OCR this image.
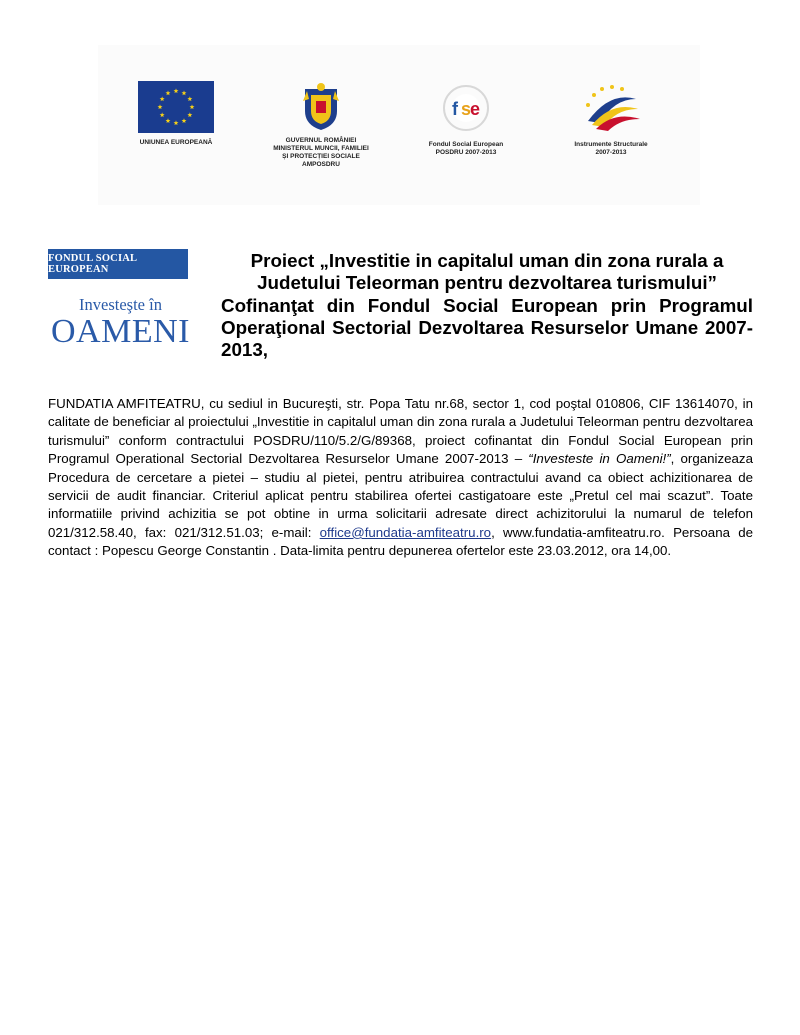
UNIUNEA EUROPEANĂ	GUVERNUL ROMÂNIEI
MINISTERUL MUNCII, FAMILIEI
ȘI PROTECȚIEI SOCIALE
AMPOSDRU
f s
e
Fondul Social European
POSDRU 2007-2013
Instrumente Structurale
2007-2013
FONDUL SOCIAL EUROPEAN
Investeşte în
OAMENI
Proiect „Investitie in capitalul uman din zona rurala a Judetului Teleorman pentru dezvoltarea turismului”
Cofinanţat din Fondul Social European prin Programul Operaţional Sectorial Dezvoltarea Resurselor Umane 2007- 2013,
FUNDATIA AMFITEATRU, cu sediul in Bucureşti, str. Popa Tatu nr.68, sector 1, cod poştal 010806, CIF 13614070, in calitate de beneficiar al proiectului „Investitie in capitalul uman din zona rurala a Judetului Teleorman pentru dezvoltarea turismului” conform contractului POSDRU/110/5.2/G/89368, proiect cofinantat din Fondul Social European prin Programul Operational Sectorial Dezvoltarea Resurselor Umane 2007-2013 – “Investeste in Oameni!”, organizeaza Procedura de cercetare a pietei – studiu al pietei, pentru atribuirea contractului avand ca obiect achizitionarea de servicii de audit financiar. Criteriul aplicat pentru stabilirea ofertei castigatoare este „Pretul cel mai scazut”. Toate informatiile privind achizitia se pot obtine in urma solicitarii adresate direct achizitorului la numarul de telefon 021/312.58.40, fax: 021/312.51.03; e-mail: office@fundatia-amfiteatru.ro, www.fundatia-amfiteatru.ro. Persoana de contact : Popescu George Constantin . Data-limita pentru depunerea ofertelor este 23.03.2012, ora 14,00.
